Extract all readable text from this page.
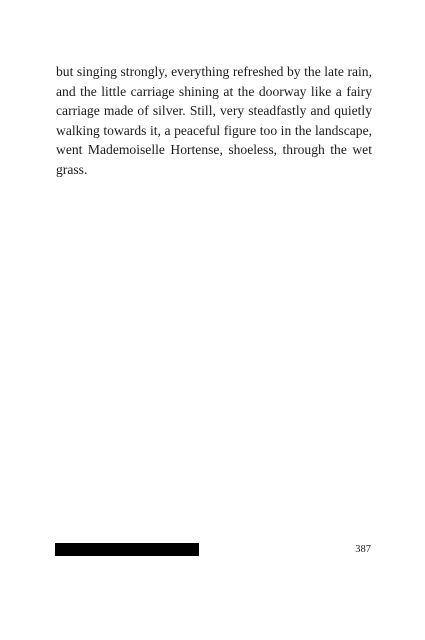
but singing strongly, everything refreshed by the late rain,
and the little carriage shining at the doorway like a fairy
carriage made of silver. Still, very steadfastly and quietly
walking towards it, a peaceful figure too in the landscape,
went Mademoiselle Hortense, shoeless, through the wet
grass.

387
